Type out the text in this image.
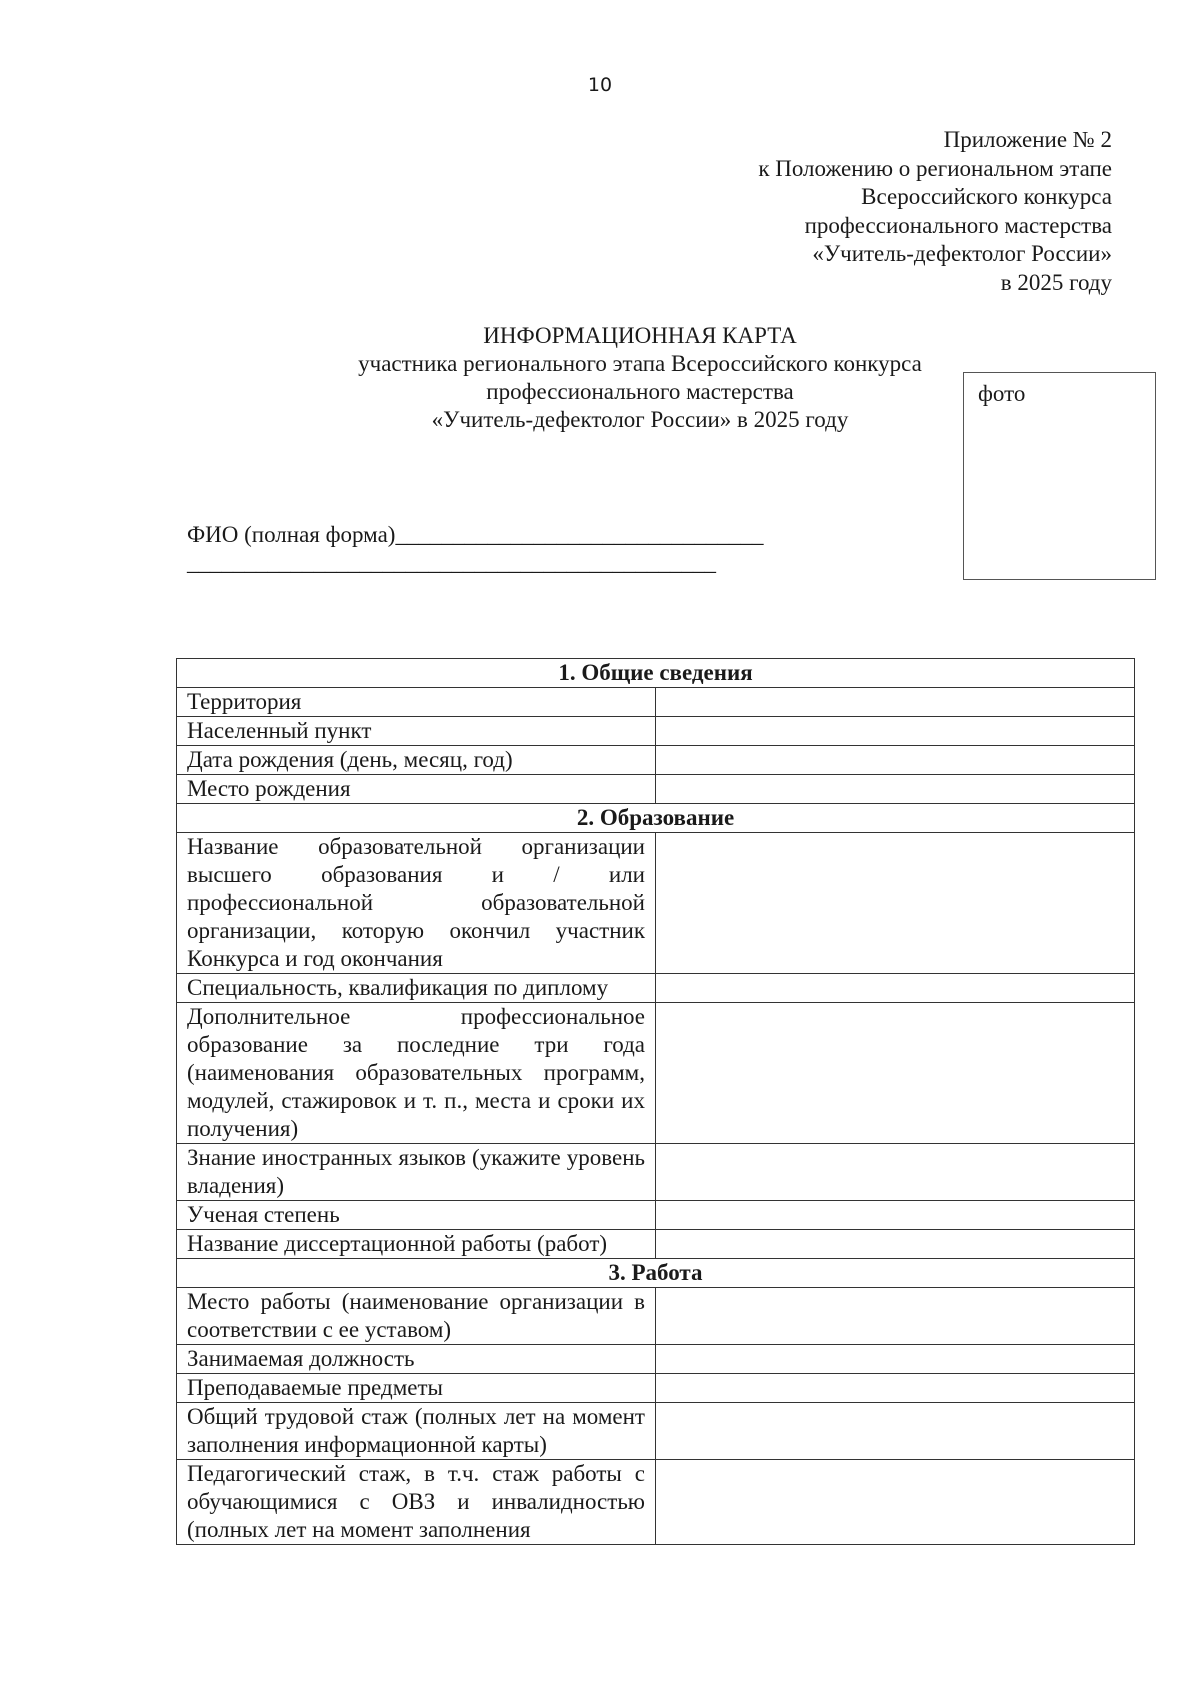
10
Приложение № 2
к Положению о региональном этапе
Всероссийского конкурса
профессионального мастерства
«Учитель-дефектолог России»
в 2025 году
ИНФОРМАЦИОННАЯ КАРТА
участника регионального этапа Всероссийского конкурса
профессионального мастерства
«Учитель-дефектолог России» в 2025 году
фото
ФИО (полная форма)________________________________
______________________________________________
1. Общие сведения	
Территория	
Населенный пункт	
Дата рождения (день, месяц, год)	
Место рождения	
2. Образование	
Название образовательной организации высшего образования и / или профессиональной образовательной организации, которую окончил участник Конкурса и год окончания	
Специальность, квалификация по диплому	
Дополнительное профессиональное образование за последние три года (наименования образовательных программ, модулей, стажировок и т. п., места и сроки их получения)	
Знание иностранных языков (укажите уровень владения)	
Ученая степень	
Название диссертационной работы (работ)	
3. Работа	
Место работы (наименование организации в соответствии с ее уставом)	
Занимаемая должность	
Преподаваемые предметы	
Общий трудовой стаж (полных лет на момент заполнения информационной карты)	
Педагогический стаж, в т.ч. стаж работы с обучающимися с ОВЗ и инвалидностью (полных лет на момент заполнения	
